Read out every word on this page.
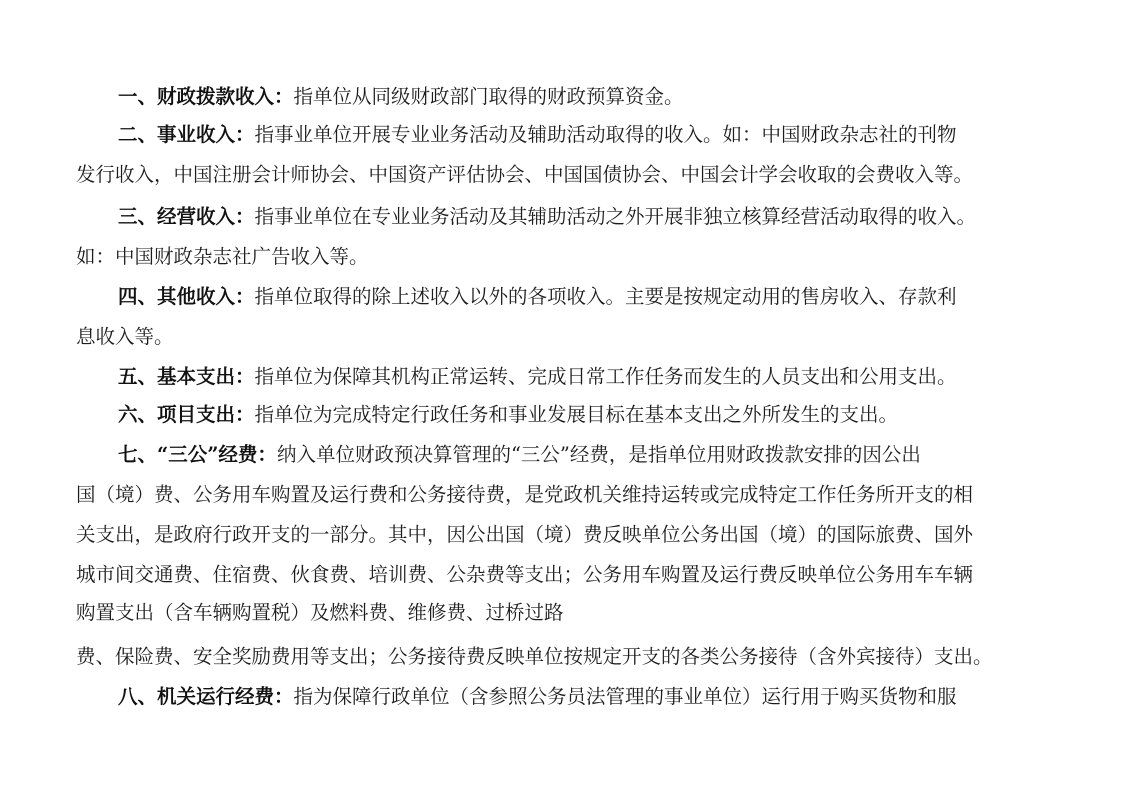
一、财政拨款收入：指单位从同级财政部门取得的财政预算资金。
二、事业收入：指事业单位开展专业业务活动及辅助活动取得的收入。如：中国财政杂志社的刊物
发行收入，中国注册会计师协会、中国资产评估协会、中国国债协会、中国会计学会收取的会费收入等。
三、经营收入：指事业单位在专业业务活动及其辅助活动之外开展非独立核算经营活动取得的收入。
如：中国财政杂志社广告收入等。
四、其他收入：指单位取得的除上述收入以外的各项收入。主要是按规定动用的售房收入、存款利
息收入等。
五、基本支出：指单位为保障其机构正常运转、完成日常工作任务而发生的人员支出和公用支出。
六、项目支出：指单位为完成特定行政任务和事业发展目标在基本支出之外所发生的支出。
七、“三公”经费：纳入单位财政预决算管理的“三公”经费，是指单位用财政拨款安排的因公出
国（境）费、公务用车购置及运行费和公务接待费，是党政机关维持运转或完成特定工作任务所开支的相
关支出，是政府行政开支的一部分。其中，因公出国（境）费反映单位公务出国（境）的国际旅费、国外
城市间交通费、住宿费、伙食费、培训费、公杂费等支出；公务用车购置及运行费反映单位公务用车车辆
购置支出（含车辆购置税）及燃料费、维修费、过桥过路
费、保险费、安全奖励费用等支出；公务接待费反映单位按规定开支的各类公务接待（含外宾接待）支出。
八、机关运行经费：指为保障行政单位（含参照公务员法管理的事业单位）运行用于购买货物和服
